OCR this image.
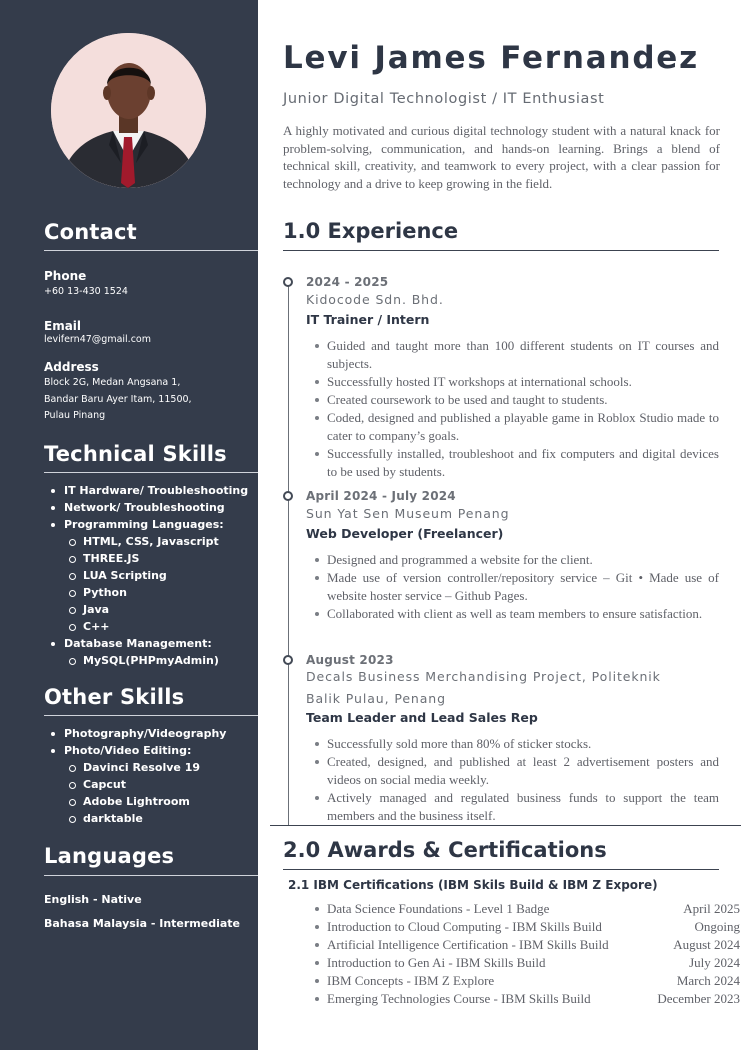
Contact
Phone
+60 13-430 1524
Email
levifern47@gmail.com
Address
Block 2G, Medan Angsana 1,
Bandar Baru Ayer Itam, 11500,
Pulau Pinang
Technical Skills
IT Hardware/ Troubleshooting
Network/ Troubleshooting
Programming Languages:
HTML, CSS, Javascript
THREE.JS
LUA Scripting
Python
Java
C++
Database Management:
MySQL(PHPmyAdmin)
Other Skills
Photography/Videography
Photo/Video Editing:
Davinci Resolve 19
Capcut
Adobe Lightroom
darktable
Languages
English - Native
Bahasa Malaysia - Intermediate
Levi James Fernandez
Junior Digital Technologist / IT Enthusiast
A highly motivated and curious digital technology student with a natural knack for problem-solving, communication, and hands-on learning. Brings a blend of technical skill, creativity, and teamwork to every project, with a clear passion for technology and a drive to keep growing in the field.
1.0 Experience
2024 - 2025
Kidocode Sdn. Bhd.
IT Trainer / Intern
Guided and taught more than 100 different students on IT courses and subjects.
Successfully hosted IT workshops at international schools.
Created coursework to be used and taught to students.
Coded, designed and published a playable game in Roblox Studio made to cater to company’s goals.
Successfully installed, troubleshoot and fix computers and digital devices to be used by students.
April 2024 - July 2024
Sun Yat Sen Museum Penang
Web Developer (Freelancer)
Designed and programmed a website for the client.
Made use of version controller/repository service – Git • Made use of website hoster service – Github Pages.
Collaborated with client as well as team members to ensure satisfaction.
August 2023
Decals Business Merchandising Project, Politeknik Balik Pulau, Penang
Team Leader and Lead Sales Rep
Successfully sold more than 80% of sticker stocks.
Created, designed, and published at least 2 advertisement posters and videos on social media weekly.
Actively managed and regulated business funds to support the team members and the business itself.
2.0 Awards & Certifications
2.1 IBM Certifications (IBM Skils Build & IBM Z Expore)
Data Science Foundations - Level 1 Badge	April 2025
Introduction to Cloud Computing - IBM Skills Build	Ongoing
Artificial Intelligence Certification - IBM Skills Build	August 2024
Introduction to Gen Ai - IBM Skills Build	July 2024
IBM Concepts - IBM Z Explore	March 2024
Emerging Technologies Course - IBM Skills Build	December 2023
